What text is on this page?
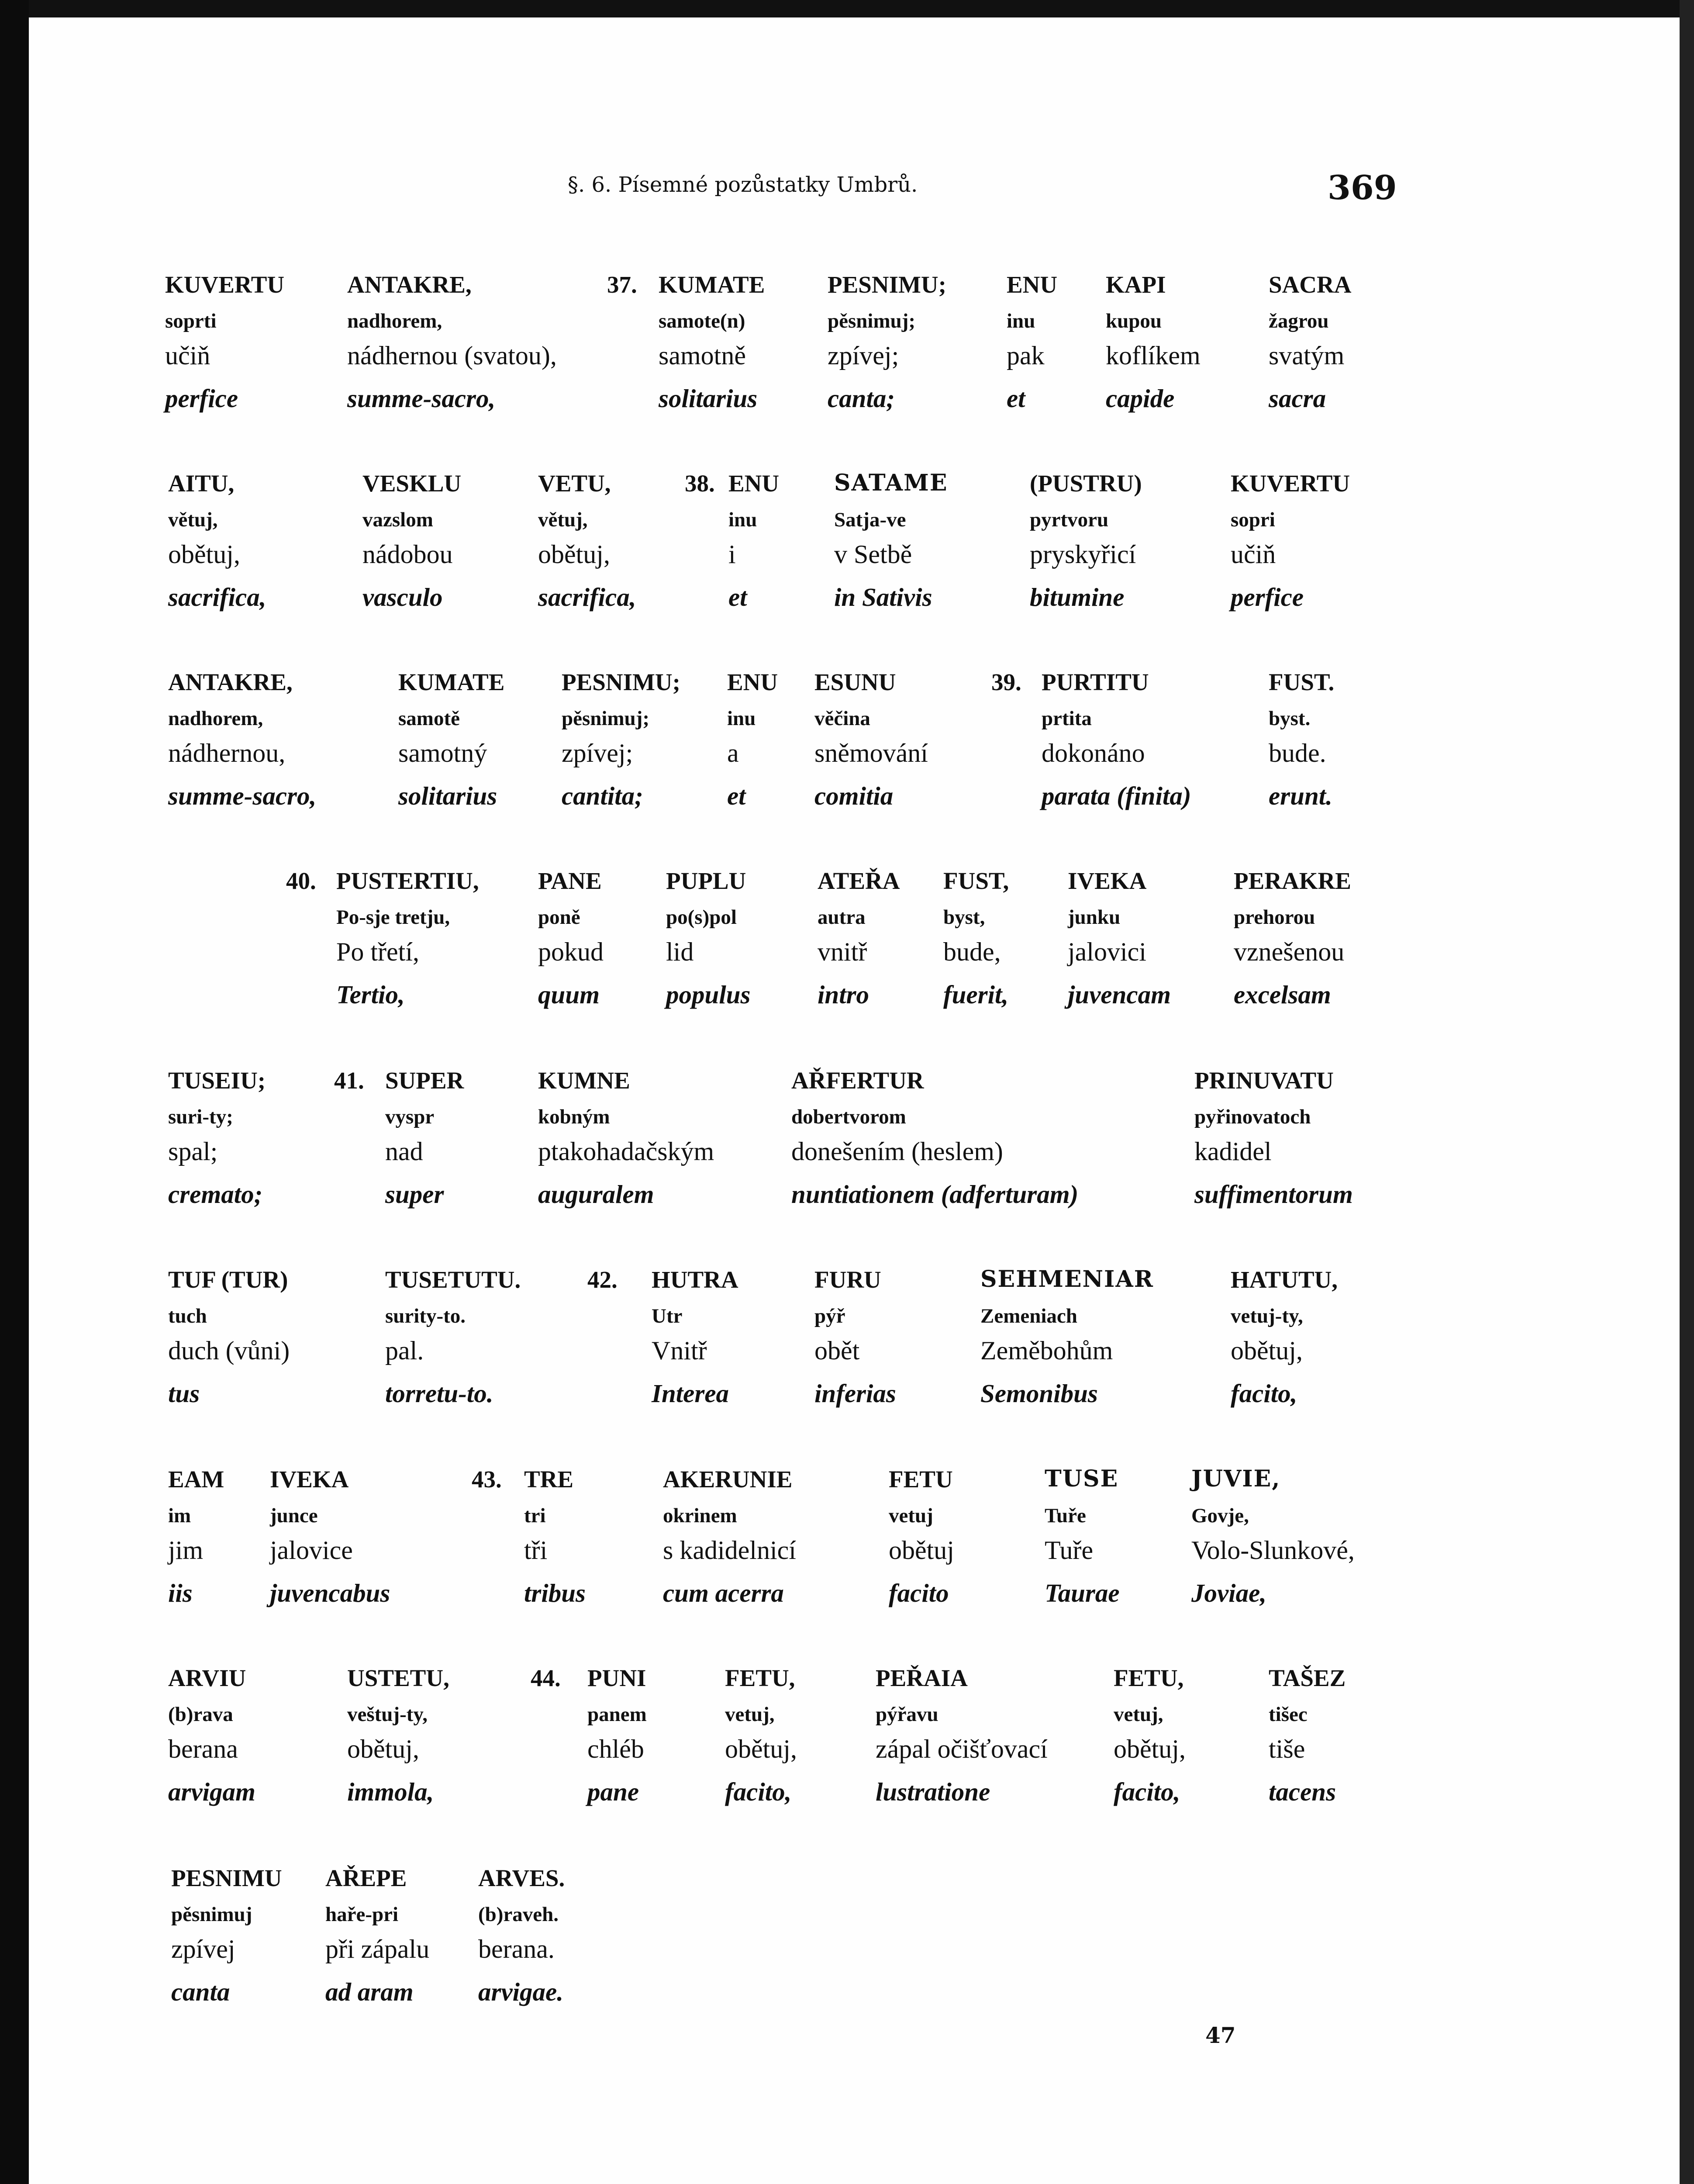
§. 6. Písemné pozůstatky Umbrů.	369
37.
KUVERTU
soprti
učiň
perfice
ANTAKRE,
nadhorem,
nádhernou (svatou),
summe-sacro,
KUMATE
samote(n)
samotně
solitarius
PESNIMU;
pěsnimuj;
zpívej;
canta;
ENU
inu
pak
et
KAPI
kupou
koflíkem
capide
SACRA
žagrou
svatým
sacra
38.
AITU,
větuj,
obětuj,
sacrifica,
VESKLU
vazslom
nádobou
vasculo
VETU,
větuj,
obětuj,
sacrifica,
ENU
inu
i
et
SATAME
Satja-ve
v Setbě
in Sativis
(PUSTRU)
pyrtvoru
pryskyřicí
bitumine
KUVERTU
sopri
učiň
perfice
39.
ANTAKRE,
nadhorem,
nádhernou,
summe-sacro,
KUMATE
samotě
samotný
solitarius
PESNIMU;
pěsnimuj;
zpívej;
cantita;
ENU
inu
a
et
ESUNU
věčina
sněmování
comitia
PURTITU
prtita
dokonáno
parata (finita)
FUST.
byst.
bude.
erunt.
40. PUSTERTIU,
Po-sje tretju,
Po třetí,
Tertio,
PANE
poně
pokud
quum
PUPLU
po(s)pol
lid
populus
ATEŘA
autra
vnitř
intro
FUST,
byst,
bude,
fuerit,
IVEKA
junku
jalovici
juvencam
PERAKRE
prehorou
vznešenou
excelsam
41.
TUSEIU;
suri-ty;
spal;
cremato;
SUPER
vyspr
nad
super
KUMNE
kobným
ptakohadačským
auguralem
AŘFERTUR
dobertvorom
donešením (heslem)
nuntiationem (adferturam)
PRINUVATU
pyřinovatoch
kadidel
suffimentorum
42.
TUF (TUR)
tuch
duch (vůni)
tus
TUSETUTU.
surity-to.
pal.
torretu-to.
HUTRA
Utr
Vnitř
Interea
FURU
pýř
obět
inferias
SEHMENIAR
Zemeniach
Zeměbohům
Semonibus
HATUTU,
vetuj-ty,
obětuj,
facito,
43.
EAM
im
jim
iis
IVEKA
junce
jalovice
juvencabus
TRE
tri
tři
tribus
AKERUNIE
okrinem
s kadidelnicí
cum acerra
FETU
vetuj
obětuj
facito
TUSE
Tuře
Tuře
Taurae
JUVIE,
Govje,
Volo-Slunkové,
Joviae,
44.
ARVIU
(b)rava
berana
arvigam
USTETU,
veštuj-ty,
obětuj,
immola,
PUNI
panem
chléb
pane
FETU,
vetuj,
obětuj,
facito,
PEŘAIA
pýřavu
zápal očišťovací
lustratione
FETU,
vetuj,
obětuj,
facito,
TAŠEZ
tišec
tiše
tacens
PESNIMU
pěsnimuj
zpívej
canta
AŘEPE
haře-pri
při zápalu
ad aram
ARVES.
(b)raveh.
berana.
arvigae.
47
